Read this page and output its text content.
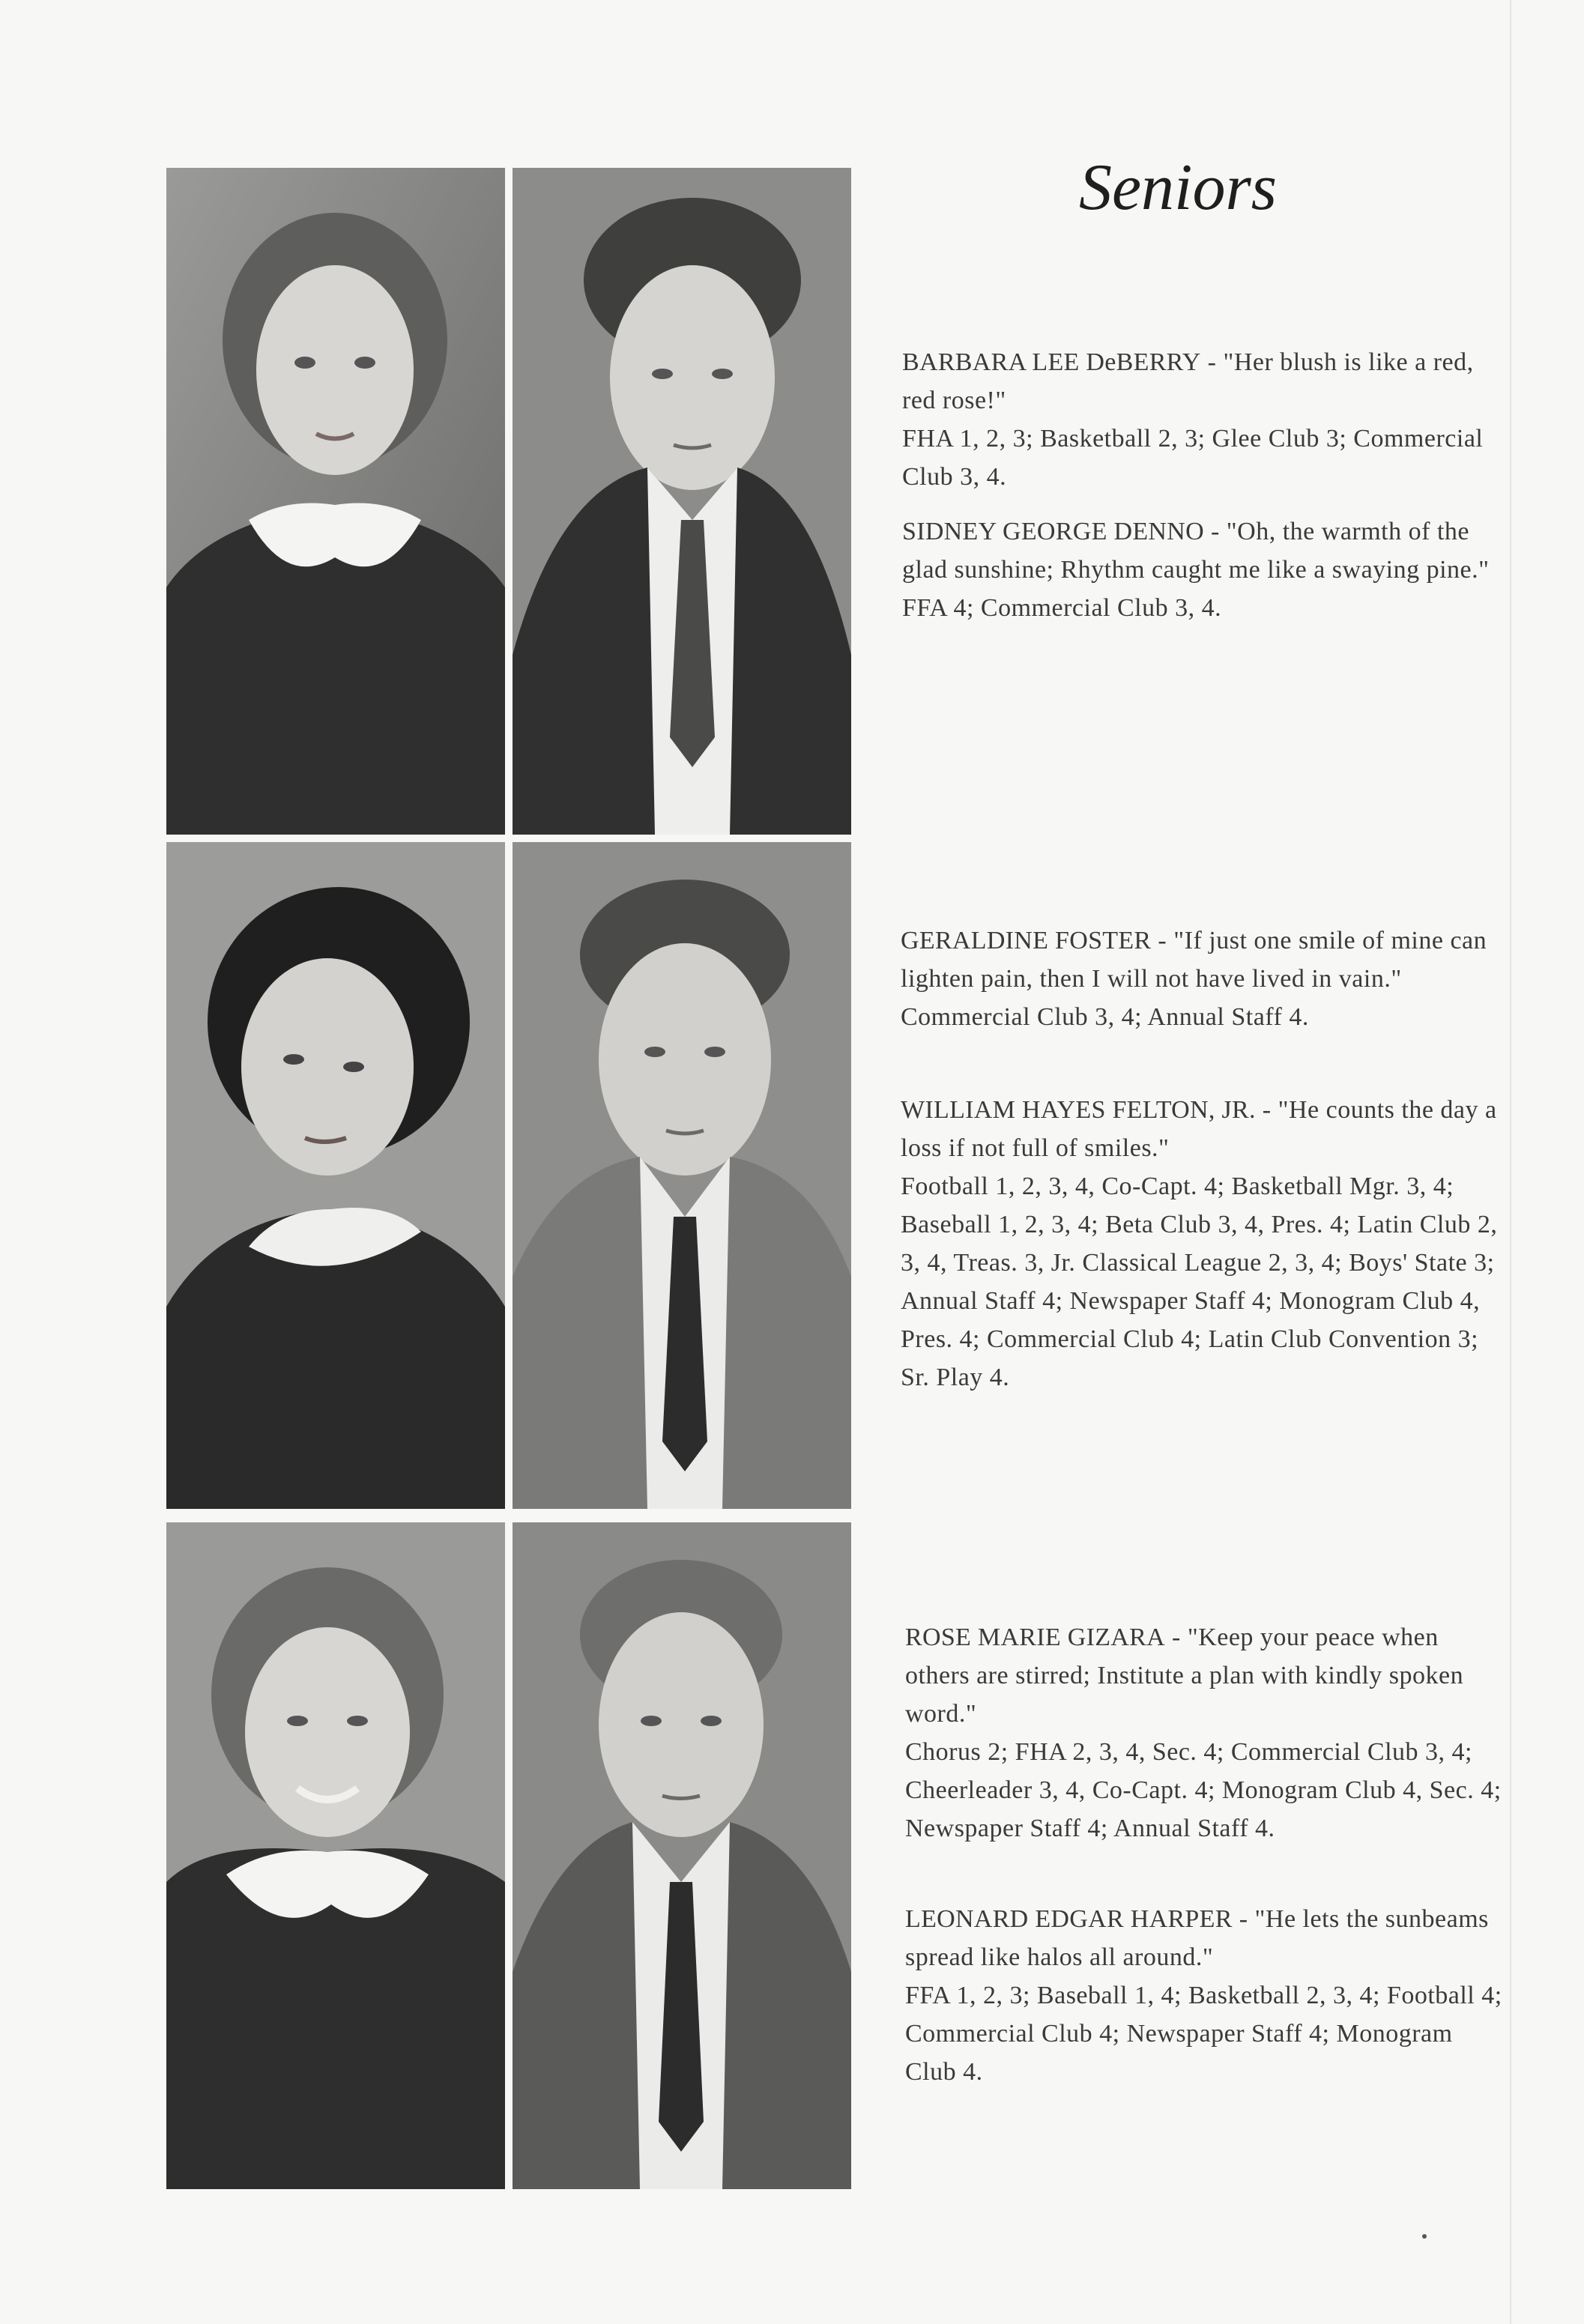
Seniors

BARBARA LEE DeBERRY - "Her blush is like a red, red rose!"

FHA 1, 2, 3; Basketball 2, 3; Glee Club 3; Commercial Club 3, 4.

SIDNEY GEORGE DENNO - "Oh, the warmth of the glad sunshine; Rhythm caught me like a swaying pine."

FFA 4; Commercial Club 3, 4.

GERALDINE FOSTER - "If just one smile of mine can lighten pain, then I will not have lived in vain."

Commercial Club 3, 4; Annual Staff 4.

WILLIAM HAYES FELTON, JR. - "He counts the day a loss if not full of smiles."

Football 1, 2, 3, 4, Co-Capt. 4; Basketball Mgr. 3, 4; Baseball 1, 2, 3, 4; Beta Club 3, 4, Pres. 4; Latin Club 2, 3, 4, Treas. 3, Jr. Classical League 2, 3, 4; Boys' State 3; Annual Staff 4; Newspaper Staff 4; Monogram Club 4, Pres. 4; Commercial Club 4; Latin Club Convention 3; Sr. Play 4.

ROSE MARIE GIZARA - "Keep your peace when others are stirred; Institute a plan with kindly spoken word."

Chorus 2; FHA 2, 3, 4, Sec. 4; Commercial Club 3, 4; Cheerleader 3, 4, Co-Capt. 4; Monogram Club 4, Sec. 4; Newspaper Staff 4; Annual Staff 4.

LEONARD EDGAR HARPER - "He lets the sunbeams spread like halos all around."

FFA 1, 2, 3; Baseball 1, 4; Basketball 2, 3, 4; Football 4; Commercial Club 4; Newspaper Staff 4; Monogram Club 4.
